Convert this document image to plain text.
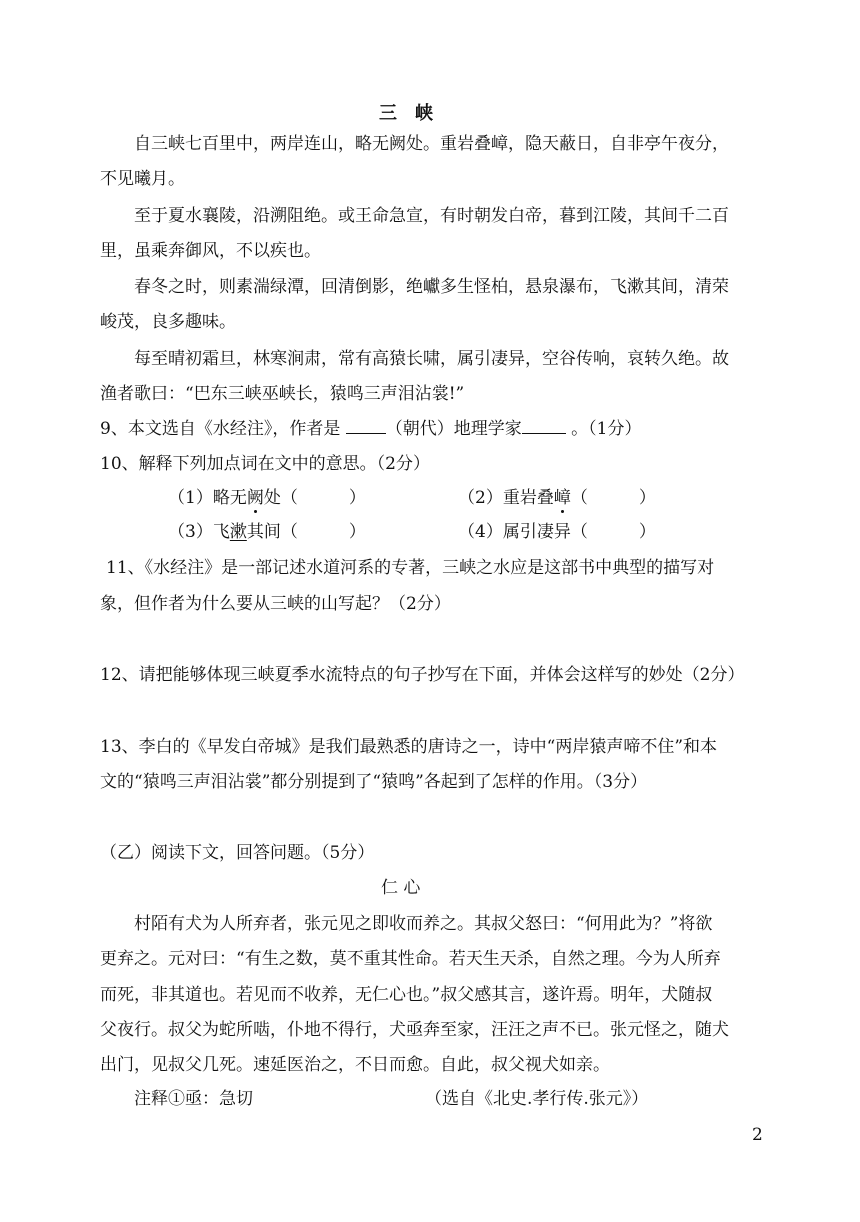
三　峡
自三峡七百里中，两岸连山，略无阙处。重岩叠嶂，隐天蔽日，自非亭午夜分，
不见曦月。
至于夏水襄陵，沿溯阻绝。或王命急宣，有时朝发白帝，暮到江陵，其间千二百
里，虽乘奔御风，不以疾也。
春冬之时，则素湍绿潭，回清倒影，绝巘多生怪柏，悬泉瀑布，飞漱其间，清荣
峻茂，良多趣味。
每至晴初霜旦，林寒涧肃，常有高猿长啸，属引凄异，空谷传响，哀转久绝。故
渔者歌曰：“巴东三峡巫峡长，猿鸣三声泪沾裳!”
9、本文选自《水经注》，作者是 （朝代）地理学家	。（1分）
10、解释下列加点词在文中的意思。（2分）
（1）略无阙处（　　　）	（2）重岩叠嶂（　　　）
（3）飞漱其间（　　　）	（4）属引凄异（　　　）
11、《水经注》是一部记述水道河系的专著，三峡之水应是这部书中典型的描写对
象，但作者为什么要从三峡的山写起？（2分）
12、请把能够体现三峡夏季水流特点的句子抄写在下面，并体会这样写的妙处（2分）
13、李白的《早发白帝城》是我们最熟悉的唐诗之一，诗中“两岸猿声啼不住”和本
文的“猿鸣三声泪沾裳”都分别提到了“猿鸣”各起到了怎样的作用。（3分）
（乙）阅读下文，回答问题。（5分）
仁 心
村陌有犬为人所弃者，张元见之即收而养之。其叔父怒曰：“何用此为？”将欲
更弃之。元对曰：“有生之数，莫不重其性命。若天生天杀，自然之理。今为人所弃
而死，非其道也。若见而不收养，无仁心也。”叔父感其言，遂许焉。明年，犬随叔
父夜行。叔父为蛇所啮，仆地不得行，犬亟奔至家，汪汪之声不已。张元怪之，随犬
出门，见叔父几死。速延医治之，不日而愈。自此，叔父视犬如亲。
注释①亟：急切	（选自《北史.孝行传.张元》）
2
